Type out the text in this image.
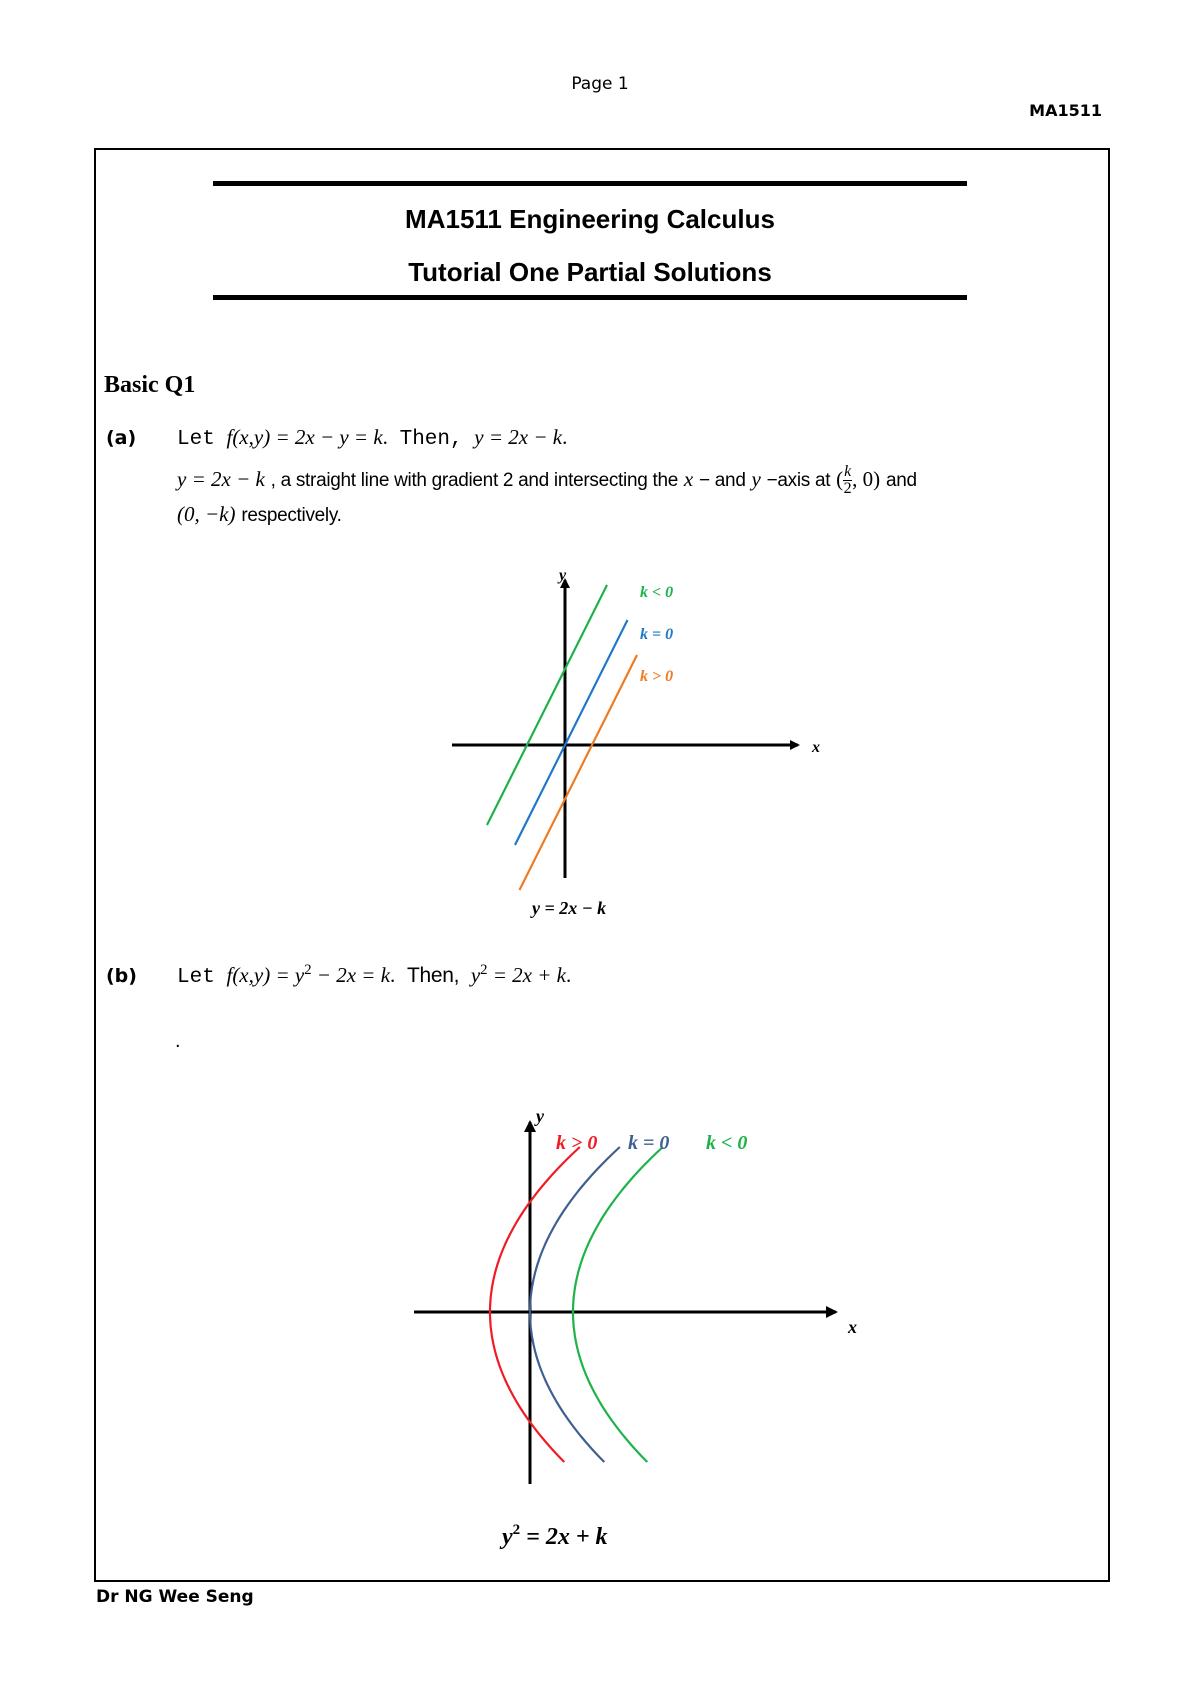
Page 1
MA1511
MA1511 Engineering Calculus
Tutorial One Partial Solutions
Basic Q1
(a) Let f(x,y) = 2x − y = k. Then, y = 2x − k.
y = 2x − k , a straight line with gradient 2 and intersecting the x − and y −axis at ( $\frac{k}{2}$ , 0) and
(0, −k) respectively.
y
x
k < 0
k = 0
k > 0
y = 2x − k
(b) Let $f(x,y) = y^2 - 2x = k$. Then, $y^2 = 2x + k$.
.
y
x
k > 0 k = 0 k < 0
$y^2 = 2x + k$
Dr NG Wee Seng
